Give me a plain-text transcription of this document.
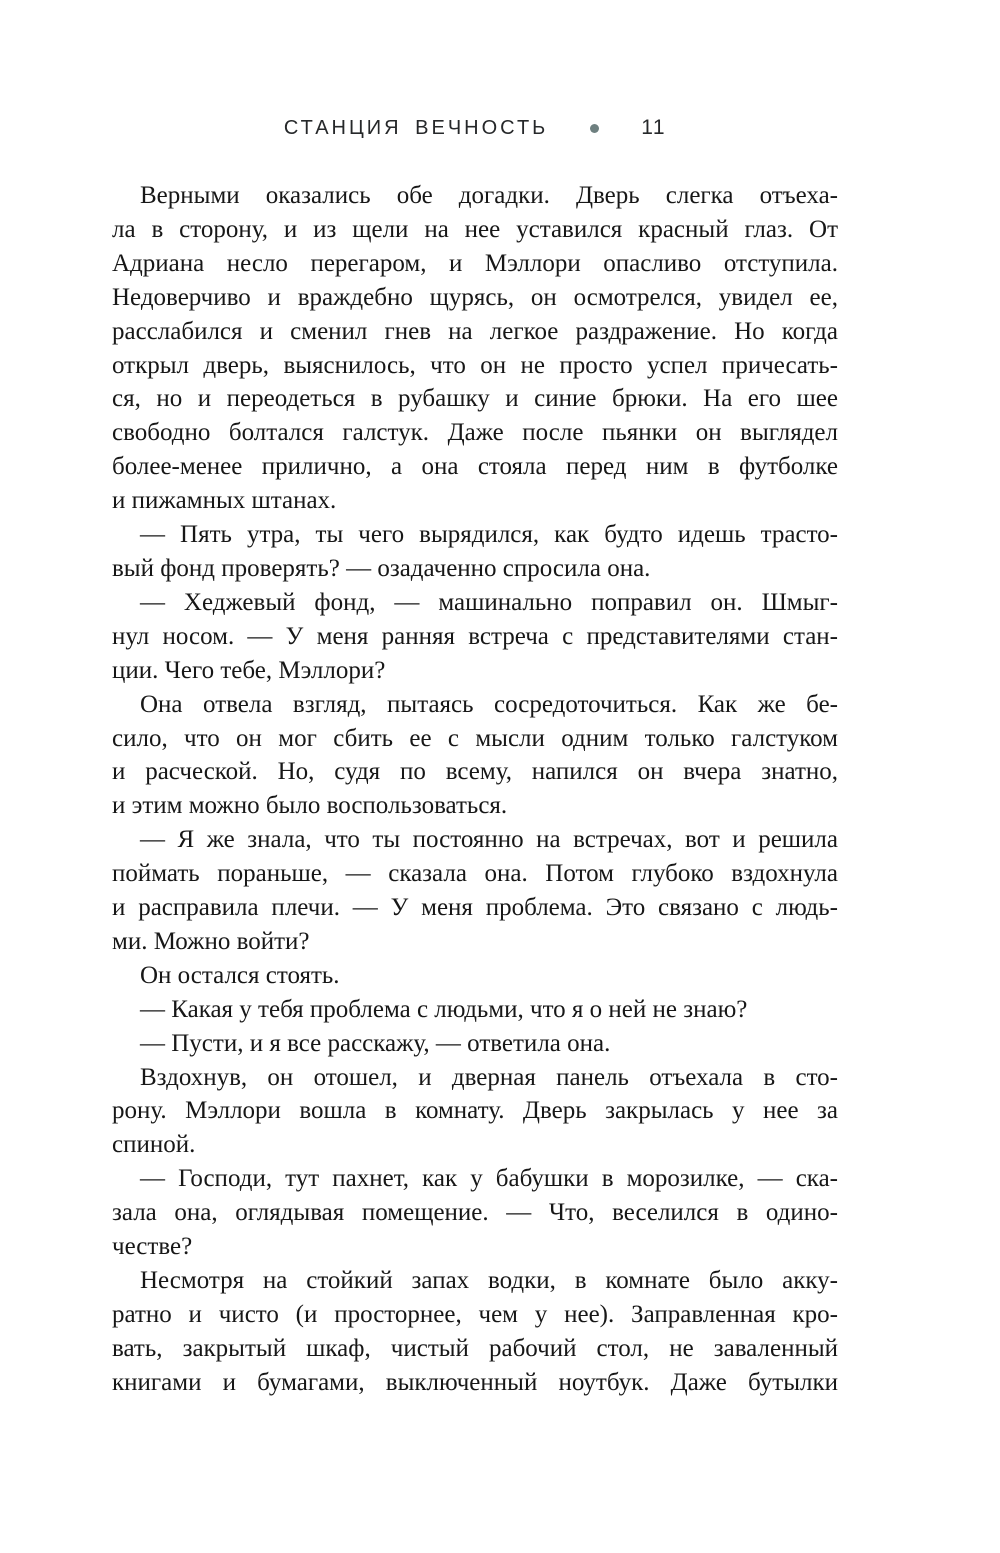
СТАНЦИЯ ВЕЧНОСТЬ	11
Верными оказались обе догадки. Дверь слегка отъеха-
ла в сторону, и из щели на нее уставился красный глаз. От
Адриана несло перегаром, и Мэллори опасливо отступила.
Недоверчиво и враждебно щурясь, он осмотрелся, увидел ее,
расслабился и сменил гнев на легкое раздражение. Но когда
открыл дверь, выяснилось, что он не просто успел причесать-
ся, но и переодеться в рубашку и синие брюки. На его шее
свободно болтался галстук. Даже после пьянки он выглядел
более-менее прилично, а она стояла перед ним в футболке
и пижамных штанах.
— Пять утра, ты чего вырядился, как будто идешь трасто-
вый фонд проверять? — озадаченно спросила она.
— Хеджевый фонд, — машинально поправил он. Шмыг-
нул носом. — У меня ранняя встреча с представителями стан-
ции. Чего тебе, Мэллори?
Она отвела взгляд, пытаясь сосредоточиться. Как же бе-
сило, что он мог сбить ее с мысли одним только галстуком
и расческой. Но, судя по всему, напился он вчера знатно,
и этим можно было воспользоваться.
— Я же знала, что ты постоянно на встречах, вот и решила
поймать пораньше, — сказала она. Потом глубоко вздохнула
и расправила плечи. — У меня проблема. Это связано с людь-
ми. Можно войти?
Он остался стоять.
— Какая у тебя проблема с людьми, что я о ней не знаю?
— Пусти, и я все расскажу, — ответила она.
Вздохнув, он отошел, и дверная панель отъехала в сто-
рону. Мэллори вошла в комнату. Дверь закрылась у нее за
спиной.
— Господи, тут пахнет, как у бабушки в морозилке, — ска-
зала она, оглядывая помещение. — Что, веселился в одино-
честве?
Несмотря на стойкий запах водки, в комнате было акку-
ратно и чисто (и просторнее, чем у нее). Заправленная кро-
вать, закрытый шкаф, чистый рабочий стол, не заваленный
книгами и бумагами, выключенный ноутбук. Даже бутылки
